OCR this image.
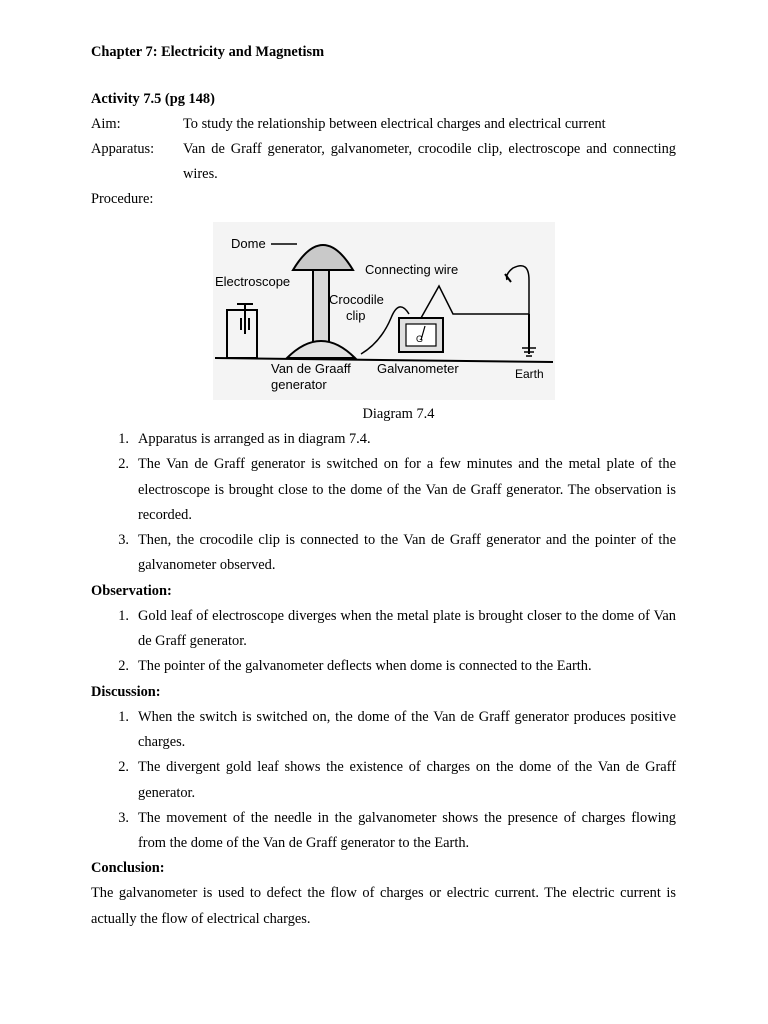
Chapter 7: Electricity and Magnetism
Activity 7.5 (pg 148)
Aim:	To study the relationship between electrical charges and electrical current
Apparatus:	Van de Graff generator, galvanometer, crocodile clip, electroscope and connecting wires.
Procedure:
Dome
Electroscope
Connecting wire
Crocodile
clip
Van de Graaff
generator
Galvanometer	Earth
G
Diagram 7.4
1. Apparatus is arranged as in diagram 7.4.
2. The Van de Graff generator is switched on for a few minutes and the metal plate of the electroscope is brought close to the dome of the Van de Graff generator. The observation is recorded.
3. Then, the crocodile clip is connected to the Van de Graff generator and the pointer of the galvanometer observed.
Observation:
1. Gold leaf of electroscope diverges when the metal plate is brought closer to the dome of Van de Graff generator.
2. The pointer of the galvanometer deflects when dome is connected to the Earth.
Discussion:
1. When the switch is switched on, the dome of the Van de Graff generator produces positive charges.
2. The divergent gold leaf shows the existence of charges on the dome of the Van de Graff generator.
3. The movement of the needle in the galvanometer shows the presence of charges flowing from the dome of the Van de Graff generator to the Earth.
Conclusion:
The galvanometer is used to defect the flow of charges or electric current. The electric current is actually the flow of electrical charges.
